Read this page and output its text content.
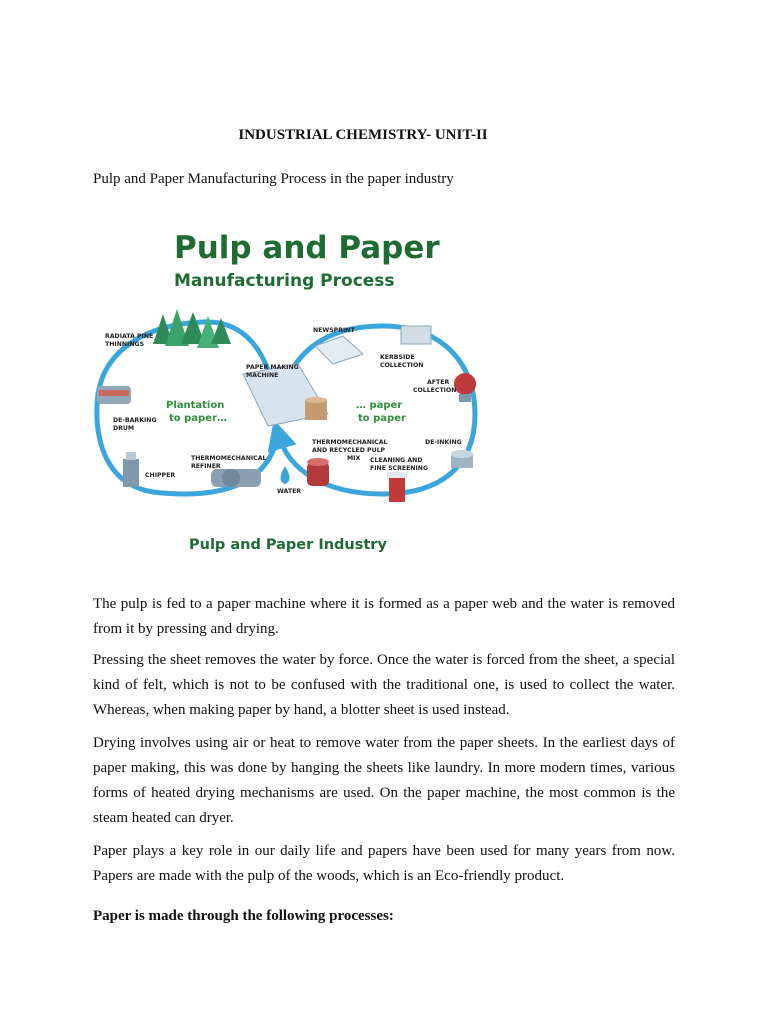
INDUSTRIAL CHEMISTRY- UNIT-II
Pulp and Paper Manufacturing Process in the paper industry
Pulp and Paper
Manufacturing Process
RADIATA PINE
THINNINGS
DE-BARKING
DRUM
CHIPPER
THERMOMECHANICAL
REFINER
WATER
PAPER MAKING
MACHINE
NEWSPRINT
KERBSIDE
COLLECTION
AFTER
COLLECTION
DE-INKING
THERMOMECHANICAL
AND RECYCLED PULP
MIX CLEANING AND
FINE SCREENING
Plantation
to paper…
… paper
to paper
Pulp and Paper Industry

The pulp is fed to a paper machine where it is formed as a paper web and the water is removed from it by pressing and drying.

Pressing the sheet removes the water by force. Once the water is forced from the sheet, a special kind of felt, which is not to be confused with the traditional one, is used to collect the water. Whereas, when making paper by hand, a blotter sheet is used instead.

Drying involves using air or heat to remove water from the paper sheets. In the earliest days of paper making, this was done by hanging the sheets like laundry. In more modern times, various forms of heated drying mechanisms are used. On the paper machine, the most common is the steam heated can dryer.

Paper plays a key role in our daily life and papers have been used for many years from now. Papers are made with the pulp of the woods, which is an Eco-friendly product.

Paper is made through the following processes:
